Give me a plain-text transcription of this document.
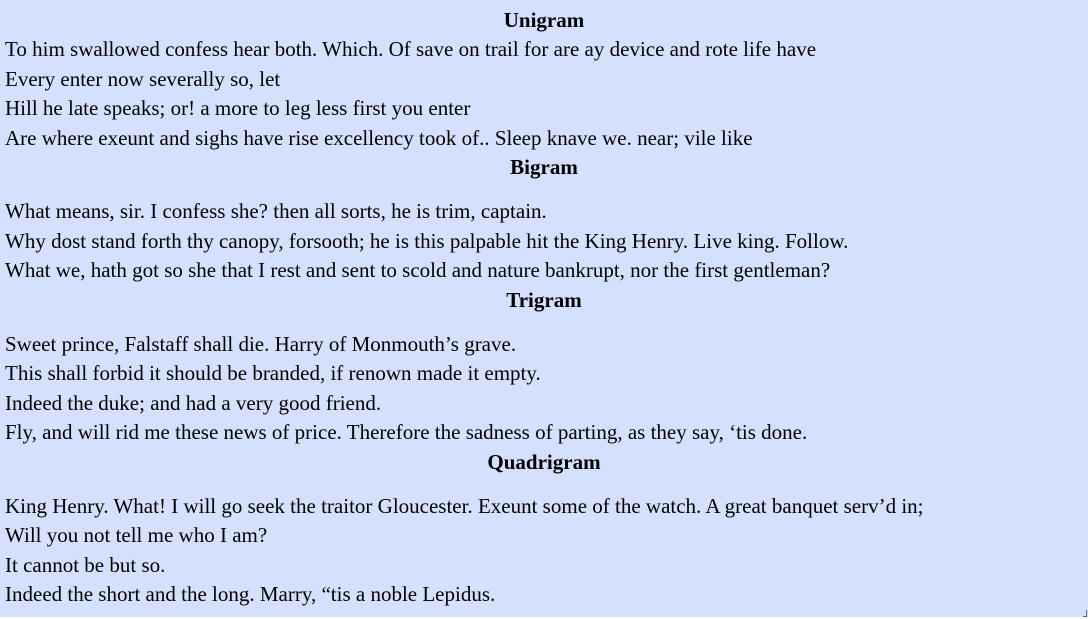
Unigram
To him swallowed confess hear both. Which. Of save on trail for are ay device and rote life have
Every enter now severally so, let
Hill he late speaks; or! a more to leg less first you enter
Are where exeunt and sighs have rise excellency took of.. Sleep knave we. near; vile like
Bigram
What means, sir. I confess she? then all sorts, he is trim, captain.
Why dost stand forth thy canopy, forsooth; he is this palpable hit the King Henry. Live king. Follow.
What we, hath got so she that I rest and sent to scold and nature bankrupt, nor the first gentleman?
Trigram
Sweet prince, Falstaff shall die. Harry of Monmouth’s grave.
This shall forbid it should be branded, if renown made it empty.
Indeed the duke; and had a very good friend.
Fly, and will rid me these news of price. Therefore the sadness of parting, as they say, ‘tis done.
Quadrigram
King Henry. What! I will go seek the traitor Gloucester. Exeunt some of the watch. A great banquet serv’d in;
Will you not tell me who I am?
It cannot be but so.
Indeed the short and the long. Marry, “tis a noble Lepidus.
